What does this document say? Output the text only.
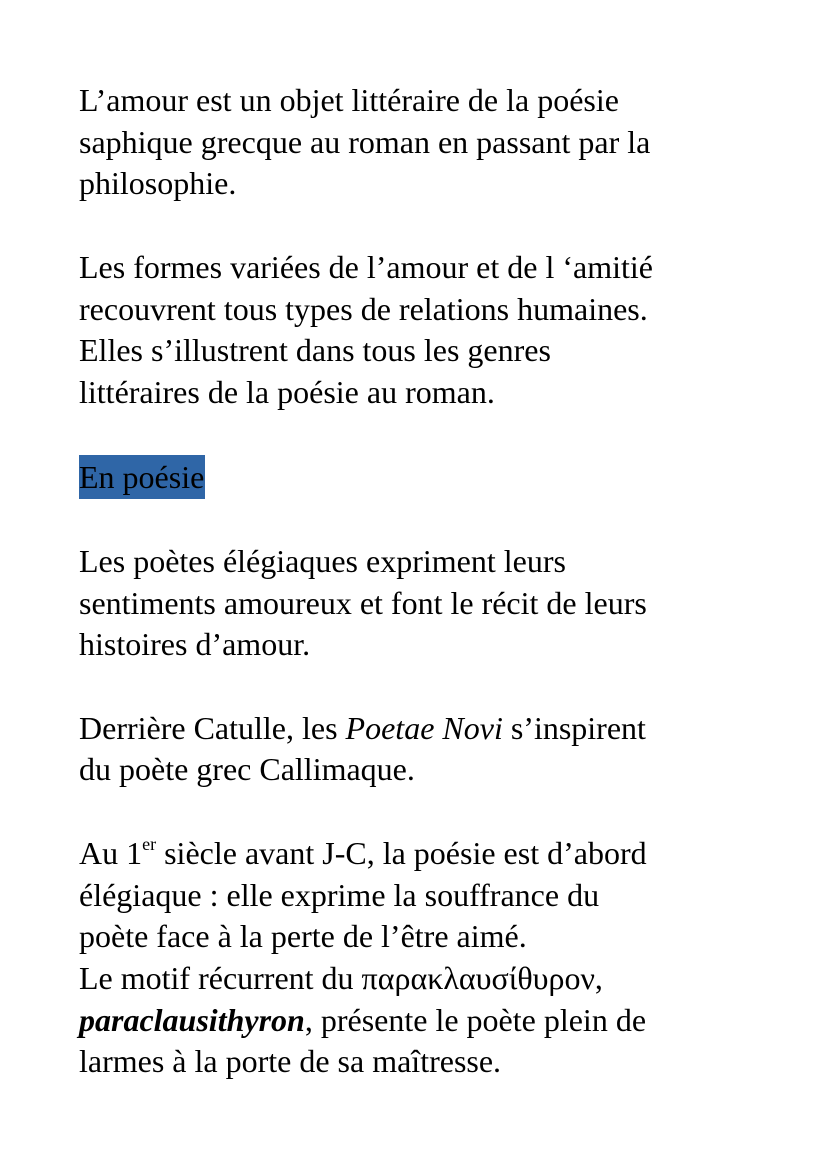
L’amour est un objet littéraire de la poésie
saphique grecque au roman en passant par la
philosophie.

Les formes variées de l’amour et de l ‘amitié
recouvrent tous types de relations humaines.
Elles s’illustrent dans tous les genres
littéraires de la poésie au roman.

En poésie

Les poètes élégiaques expriment leurs
sentiments amoureux et font le récit de leurs
histoires d’amour.

Derrière Catulle, les Poetae Novi s’inspirent
du poète grec Callimaque.

Au 1er siècle avant J-C, la poésie est d’abord
élégiaque : elle exprime la souffrance du
poète face à la perte de l’être aimé.
Le motif récurrent du παρακλαυσίθυρον,
paraclausithyron, présente le poète plein de
larmes à la porte de sa maîtresse.
